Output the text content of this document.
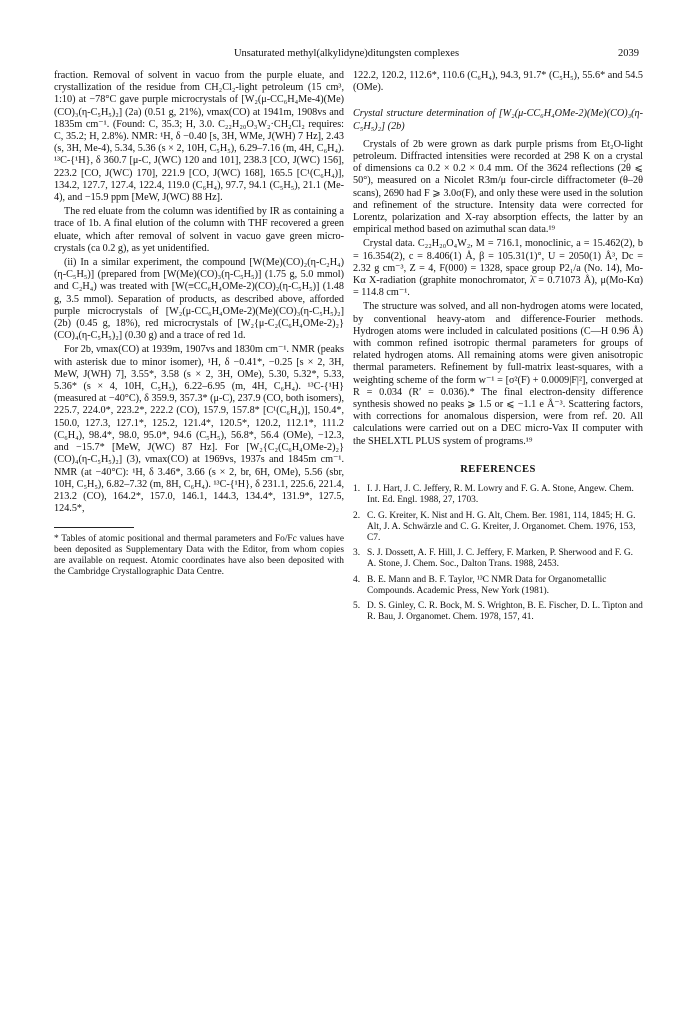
Unsaturated methyl(alkylidyne)ditungsten complexes	2039

fraction. Removal of solvent in vacuo from the purple eluate, and crystallization of the residue from CH₂Cl₂-light petroleum (15 cm³, 1:10) at −78°C gave purple microcrystals of [W₂(μ-CC₆H₄Me-4)(Me)(CO)₃(η-C₅H₅)₂] (2a) (0.51 g, 21%), νmax(CO) at 1941m, 1908vs and 1835m cm⁻¹. (Found: C, 35.3; H, 3.0. C₂₂H₂₀O₃W₂·CH₂Cl₂ requires: C, 35.2; H, 2.8%). NMR: ¹H, δ −0.40 [s, 3H, WMe, J(WH) 7 Hz], 2.43 (s, 3H, Me-4), 5.34, 5.36 (s × 2, 10H, C₅H₅), 6.29–7.16 (m, 4H, C₆H₄). ¹³C-{¹H}, δ 360.7 [μ-C, J(WC) 120 and 101], 238.3 [CO, J(WC) 156], 223.2 [CO, J(WC) 170], 221.9 [CO, J(WC) 168], 165.5 [C¹(C₆H₄)], 134.2, 127.7, 127.4, 122.4, 119.0 (C₆H₄), 97.7, 94.1 (C₅H₅), 21.1 (Me-4), and −15.9 ppm [MeW, J(WC) 88 Hz].

The red eluate from the column was identified by IR as containing a trace of 1b. A final elution of the column with THF recovered a green eluate, which after removal of solvent in vacuo gave green micro-crystals (ca 0.2 g), as yet unidentified.

(ii) In a similar experiment, the compound [W(Me)(CO)₂(η-C₂H₄)(η-C₅H₅)] (prepared from [W(Me)(CO)₃(η-C₅H₅)] (1.75 g, 5.0 mmol) and C₂H₄) was treated with [W(≡CC₆H₄OMe-2)(CO)₂(η-C₅H₅)] (1.48 g, 3.5 mmol). Separation of products, as described above, afforded purple microcrystals of [W₂(μ-CC₆H₄OMe-2)(Me)(CO)₃(η-C₅H₅)₂] (2b) (0.45 g, 18%), red microcrystals of [W₂{μ-C₂(C₆H₄OMe-2)₂}(CO)₄(η-C₅H₅)₂] (0.30 g) and a trace of red 1d.

For 2b, νmax(CO) at 1939m, 1907vs and 1830m cm⁻¹. NMR (peaks with asterisk due to minor isomer), ¹H, δ −0.41*, −0.25 [s × 2, 3H, MeW, J(WH) 7], 3.55*, 3.58 (s × 2, 3H, OMe), 5.30, 5.32*, 5.33, 5.36* (s × 4, 10H, C₅H₅), 6.22–6.95 (m, 4H, C₆H₄). ¹³C-{¹H} (measured at −40°C), δ 359.9, 357.3* (μ-C), 237.9 (CO, both isomers), 225.7, 224.0*, 223.2*, 222.2 (CO), 157.9, 157.8* [C¹(C₆H₄)], 150.4*, 150.0, 127.3, 127.1*, 125.2, 121.4*, 120.5*, 120.2, 112.1*, 111.2 (C₆H₄), 98.4*, 98.0, 95.0*, 94.6 (C₅H₅), 56.8*, 56.4 (OMe), −12.3, and −15.7* [MeW, J(WC) 87 Hz]. For [W₂{C₂(C₆H₄OMe-2)₂}(CO)₄(η-C₅H₅)₂] (3), νmax(CO) at 1969vs, 1937s and 1845m cm⁻¹. NMR (at −40°C): ¹H, δ 3.46*, 3.66 (s × 2, br, 6H, OMe), 5.56 (sbr, 10H, C₅H₅), 6.82–7.32 (m, 8H, C₆H₄). ¹³C-{¹H}, δ 231.1, 225.6, 221.4, 213.2 (CO), 164.2*, 157.0, 146.1, 144.3, 134.4*, 131.9*, 127.5, 124.5*,

* Tables of atomic positional and thermal parameters and Fo/Fc values have been deposited as Supplementary Data with the Editor, from whom copies are available on request. Atomic coordinates have also been deposited with the Cambridge Crystallographic Data Centre.

122.2, 120.2, 112.6*, 110.6 (C₆H₄), 94.3, 91.7* (C₅H₅), 55.6* and 54.5 (OMe).

Crystal structure determination of [W₂(μ-CC₆H₄OMe-2)(Me)(CO)₃(η-C₅H₅)₂] (2b)

Crystals of 2b were grown as dark purple prisms from Et₂O-light petroleum. Diffracted intensities were recorded at 298 K on a crystal of dimensions ca 0.2 × 0.2 × 0.4 mm. Of the 3624 reflections (2θ ⩽ 50°), measured on a Nicolet R3m/μ four-circle diffractometer (θ–2θ scans), 2690 had F ⩾ 3.0σ(F), and only these were used in the solution and refinement of the structure. Intensity data were corrected for Lorentz, polarization and X-ray absorption effects, the latter by an empirical method based on azimuthal scan data.¹⁹

Crystal data. C₂₂H₂₀O₄W₂, M = 716.1, monoclinic, a = 15.462(2), b = 16.354(2), c = 8.406(1) Å, β = 105.31(1)°, U = 2050(1) Å³, Dc = 2.32 g cm⁻³, Z = 4, F(000) = 1328, space group P2₁/a (No. 14), Mo-Kα X-radiation (graphite monochromator, λ̄ = 0.71073 Å), μ(Mo-Kα) = 114.8 cm⁻¹.

The structure was solved, and all non-hydrogen atoms were located, by conventional heavy-atom and difference-Fourier methods. Hydrogen atoms were included in calculated positions (C—H 0.96 Å) with common refined isotropic thermal parameters for groups of related hydrogen atoms. All remaining atoms were given anisotropic thermal parameters. Refinement by full-matrix least-squares, with a weighting scheme of the form w⁻¹ = [σ²(F) + 0.0009|F|²], converged at R = 0.034 (R′ = 0.036).* The final electron-density difference synthesis showed no peaks ⩾ 1.5 or ⩽ −1.1 e Å⁻³. Scattering factors, with corrections for anomalous dispersion, were from ref. 20. All calculations were carried out on a DEC micro-Vax II computer with the SHELXTL PLUS system of programs.¹⁹

REFERENCES

1. I. J. Hart, J. C. Jeffery, R. M. Lowry and F. G. A. Stone, Angew. Chem. Int. Ed. Engl. 1988, 27, 1703.
2. C. G. Kreiter, K. Nist and H. G. Alt, Chem. Ber. 1981, 114, 1845; H. G. Alt, J. A. Schwärzle and C. G. Kreiter, J. Organomet. Chem. 1976, 153, C7.
3. S. J. Dossett, A. F. Hill, J. C. Jeffery, F. Marken, P. Sherwood and F. G. A. Stone, J. Chem. Soc., Dalton Trans. 1988, 2453.
4. B. E. Mann and B. F. Taylor, ¹³C NMR Data for Organometallic Compounds. Academic Press, New York (1981).
5. D. S. Ginley, C. R. Bock, M. S. Wrighton, B. E. Fischer, D. L. Tipton and R. Bau, J. Organomet. Chem. 1978, 157, 41.
